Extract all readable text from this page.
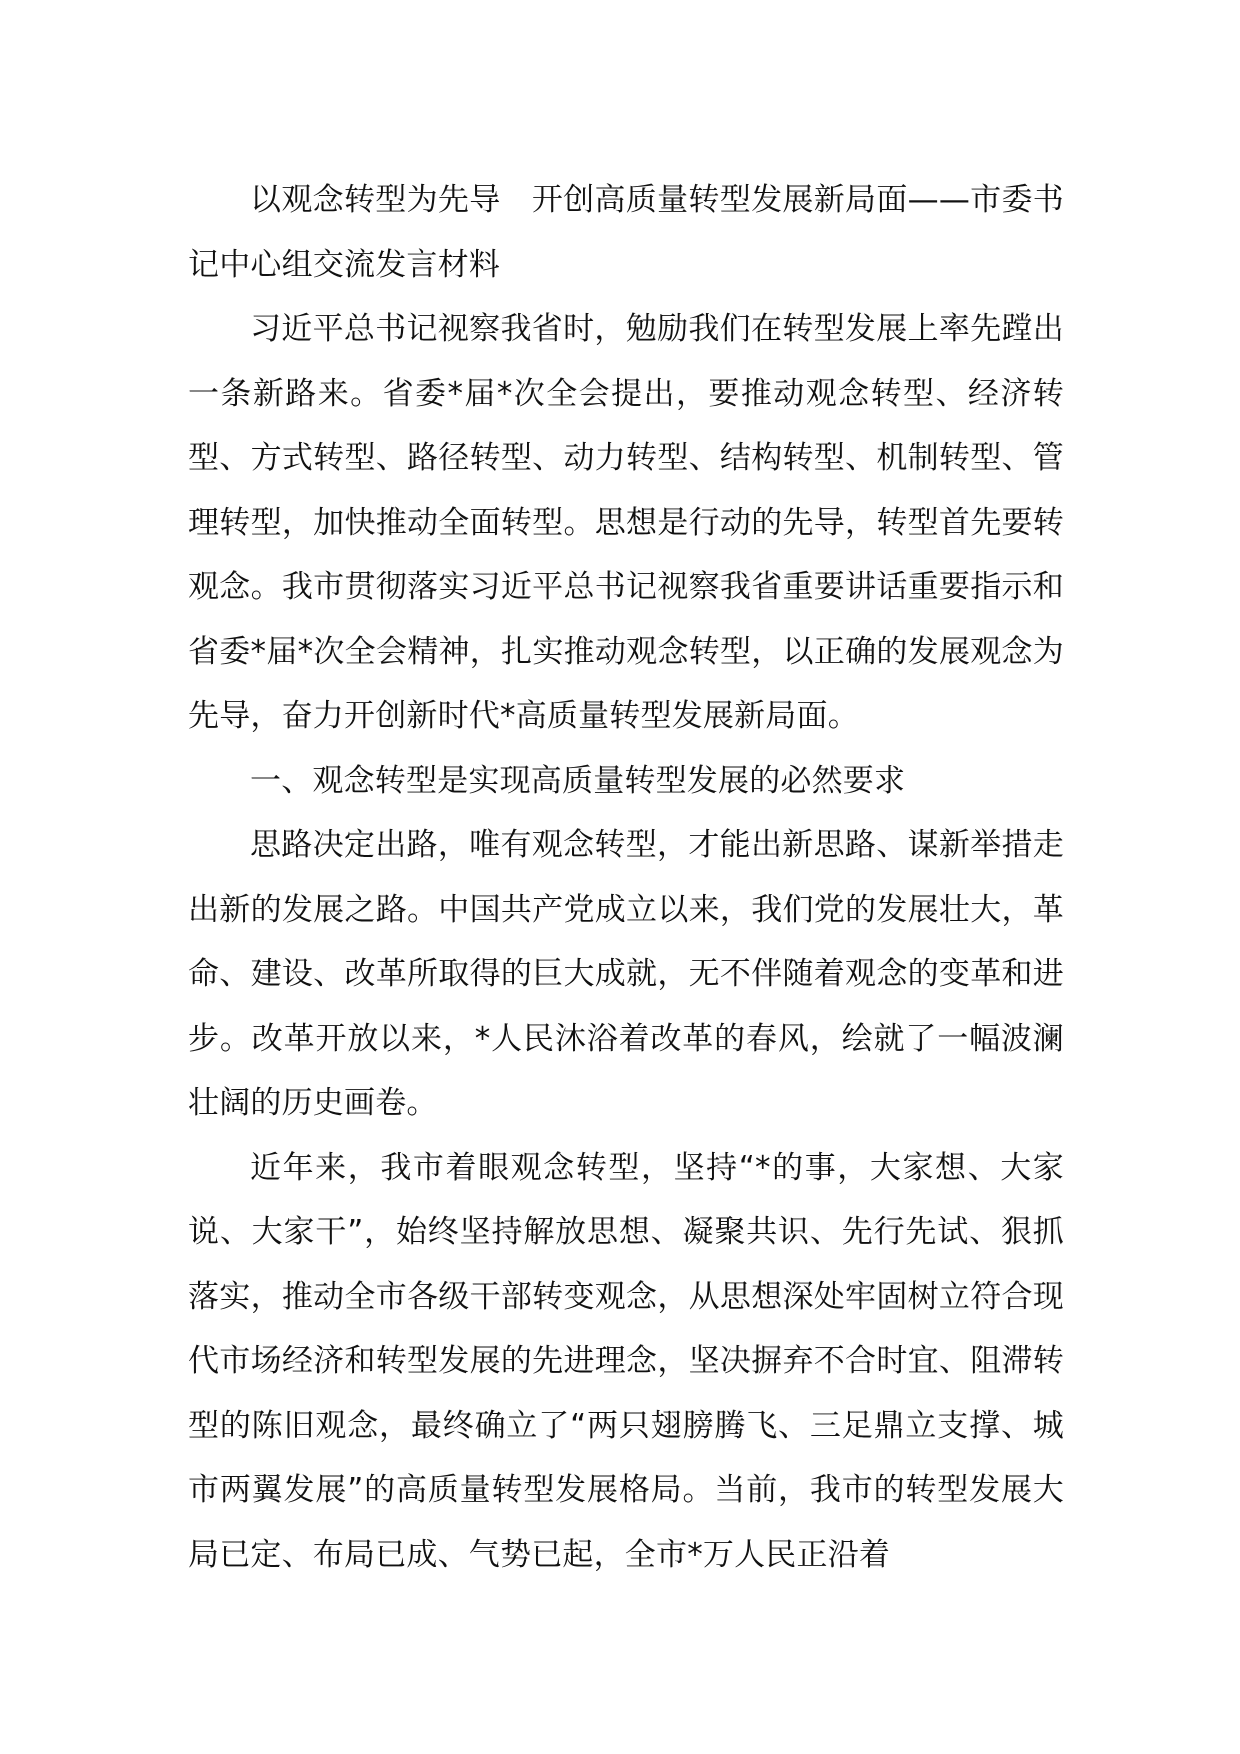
以观念转型为先导　开创高质量转型发展新局面——市委书记中心组交流发言材料

习近平总书记视察我省时，勉励我们在转型发展上率先蹚出一条新路来。省委*届*次全会提出，要推动观念转型、经济转型、方式转型、路径转型、动力转型、结构转型、机制转型、管理转型，加快推动全面转型。思想是行动的先导，转型首先要转观念。我市贯彻落实习近平总书记视察我省重要讲话重要指示和省委*届*次全会精神，扎实推动观念转型，以正确的发展观念为先导，奋力开创新时代*高质量转型发展新局面。

一、观念转型是实现高质量转型发展的必然要求

思路决定出路，唯有观念转型，才能出新思路、谋新举措走出新的发展之路。中国共产党成立以来，我们党的发展壮大，革命、建设、改革所取得的巨大成就，无不伴随着观念的变革和进步。改革开放以来，*人民沐浴着改革的春风，绘就了一幅波澜壮阔的历史画卷。

近年来，我市着眼观念转型，坚持“*的事，大家想、大家说、大家干”，始终坚持解放思想、凝聚共识、先行先试、狠抓落实，推动全市各级干部转变观念，从思想深处牢固树立符合现代市场经济和转型发展的先进理念，坚决摒弃不合时宜、阻滞转型的陈旧观念，最终确立了“两只翅膀腾飞、三足鼎立支撑、城市两翼发展”的高质量转型发展格局。当前，我市的转型发展大局已定、布局已成、气势已起，全市*万人民正沿着
